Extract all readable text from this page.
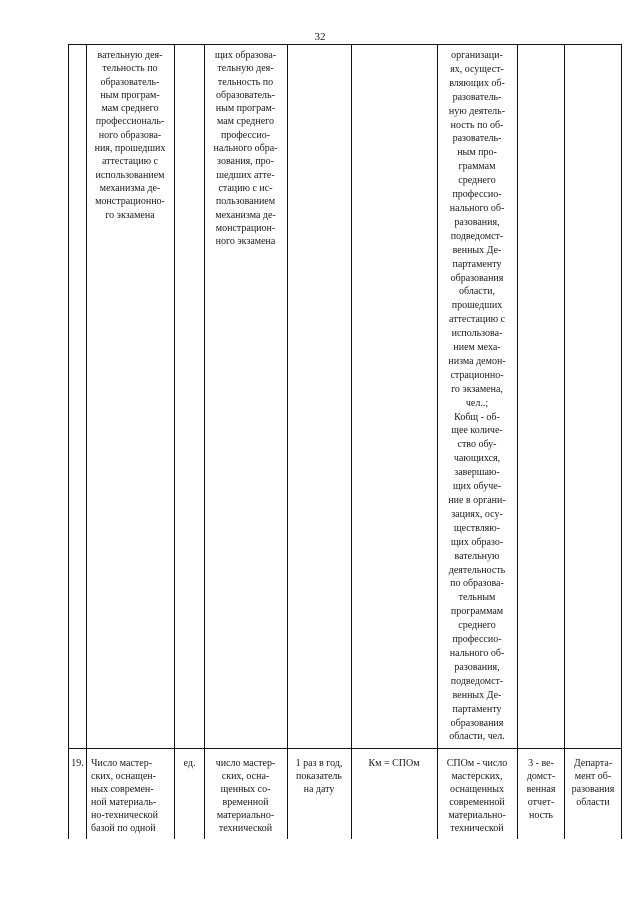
32
вательную дея-
тельность по
образователь-
ным програм-
мам среднего
профессиональ-
ного образова-
ния, прошедших
аттестацию с
использованием
механизма де-
монстрационно-
го экзамена
щих образова-
тельную дея-
тельность по
образователь-
ным програм-
мам среднего
профессио-
нального обра-
зования, про-
шедших атте-
стацию с ис-
пользованием
механизма де-
монстрацион-
ного экзамена
организаци-
ях, осущест-
вляющих об-
разователь-
ную деятель-
ность по об-
разователь-
ным про-
граммам
среднего
профессио-
нального об-
разования,
подведомст-
венных Де-
партаменту
образования
области,
прошедших
аттестацию с
использова-
нием меха-
низма демон-
страционно-
го экзамена,
чел..;
Кобщ - об-
щее количе-
ство обу-
чающихся,
завершаю-
щих обуче-
ние в органи-
зациях, осу-
ществляю-
щих образо-
вательную
деятельность
по образова-
тельным
программам
среднего
профессио-
нального об-
разования,
подведомст-
венных Де-
партаменту
образования
области, чел.
19. Число мастер-
ских, оснащен-
ных современ-
ной материаль-
но-технической
базой по одной
ед.	число мастер-
ских, осна-
щенных со-
временной
материально-
технической
1 раз в год,
показатель
на дату
Км = СПОм	СПОм - число
мастерских,
оснащенных
современной
материально-
технической
3 - ве-
домст-
венная
отчет-
ность
Департа-
мент об-
разования
области
